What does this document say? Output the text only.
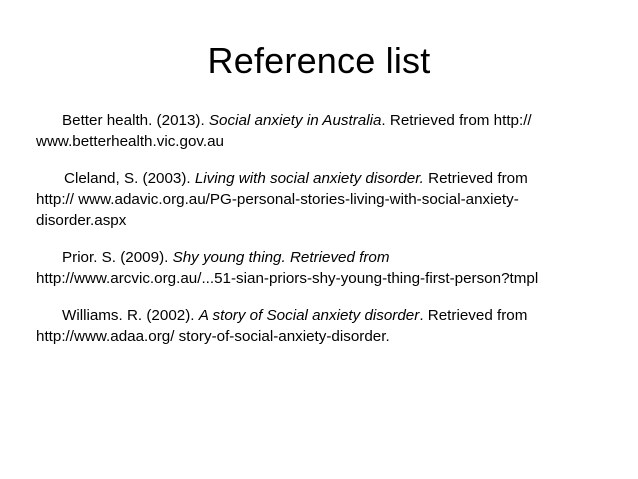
Reference list
Better health. (2013). Social anxiety in Australia. Retrieved from http://
www.betterhealth.vic.gov.au
Cleland, S. (2003). Living with social anxiety disorder. Retrieved from
http:// www.adavic.org.au/PG-personal-stories-living-with-social-anxiety-
disorder.aspx
Prior. S. (2009). Shy young thing. Retrieved from
http://www.arcvic.org.au/...51-sian-priors-shy-young-thing-first-person?tmpl
Williams. R. (2002). A story of Social anxiety disorder. Retrieved from
http://www.adaa.org/ story-of-social-anxiety-disorder.
